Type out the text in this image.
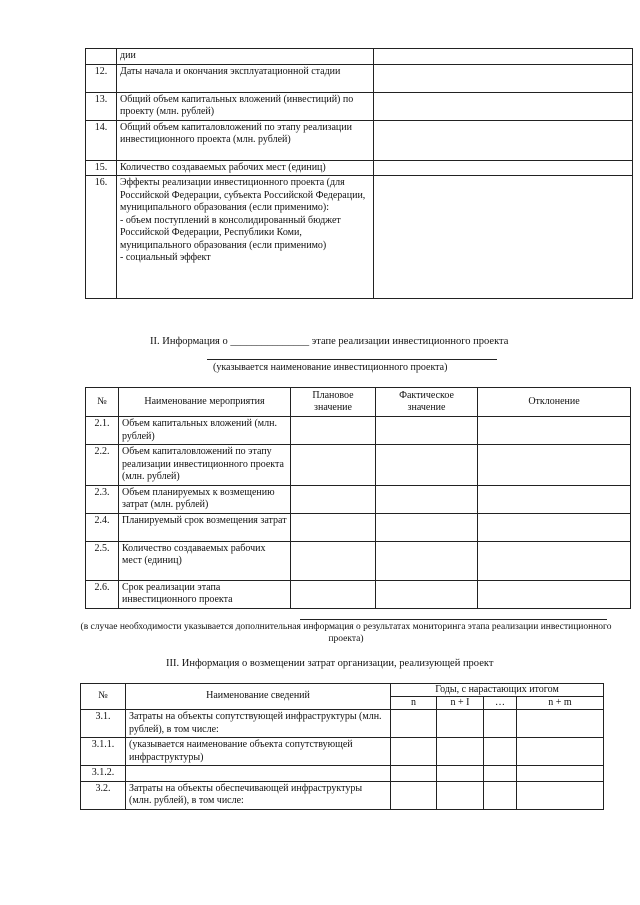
	дии	
12.	Даты начала и окончания эксплуатационной стадии	
13.	Общий объем капитальных вложений (инвестиций) по проекту (млн. рублей)	
14.	Общий объем капиталовложений по этапу реализации инвестиционного проекта (млн. рублей)	
15.	Количество создаваемых рабочих мест (единиц)	
16.	Эффекты реализации инвестиционного проекта (для Российской Федерации, субъекта Российской Федерации, муниципального образования (если применимо):
- объем поступлений в консолидированный бюджет Российской Федерации, Республики Коми, муниципального образования (если применимо)
- социальный эффект	
II. Информация о _______________ этапе реализации инвестиционного проекта
(указывается наименование инвестиционного проекта)
№	Наименование мероприятия	Плановое значение	Фактическое значение	Отклонение
2.1.	Объем капитальных вложений (млн. рублей)			
2.2.	Объем капиталовложений по этапу реализации инвестиционного проекта (млн. рублей)			
2.3.	Объем планируемых к возмещению затрат (млн. рублей)			
2.4.	Планируемый срок возмещения затрат			
2.5.	Количество создаваемых рабочих мест (единиц)			
2.6.	Срок реализации этапа инвестиционного проекта			
(в случае необходимости указывается дополнительная информация о результатах мониторинга этапа реализации инвестиционного проекта)
III. Информация о возмещении затрат организации, реализующей проект
№	Наименование сведений	Годы, с нарастающих итогом			
		n	n + I	…	n + m
3.1.	Затраты на объекты сопутствующей инфраструктуры (млн. рублей), в том числе:				
3.1.1.	(указывается наименование объекта сопутствующей инфраструктуры)				
3.1.2.					
3.2.	Затраты на объекты обеспечивающей инфраструктуры (млн. рублей), в том числе:				
